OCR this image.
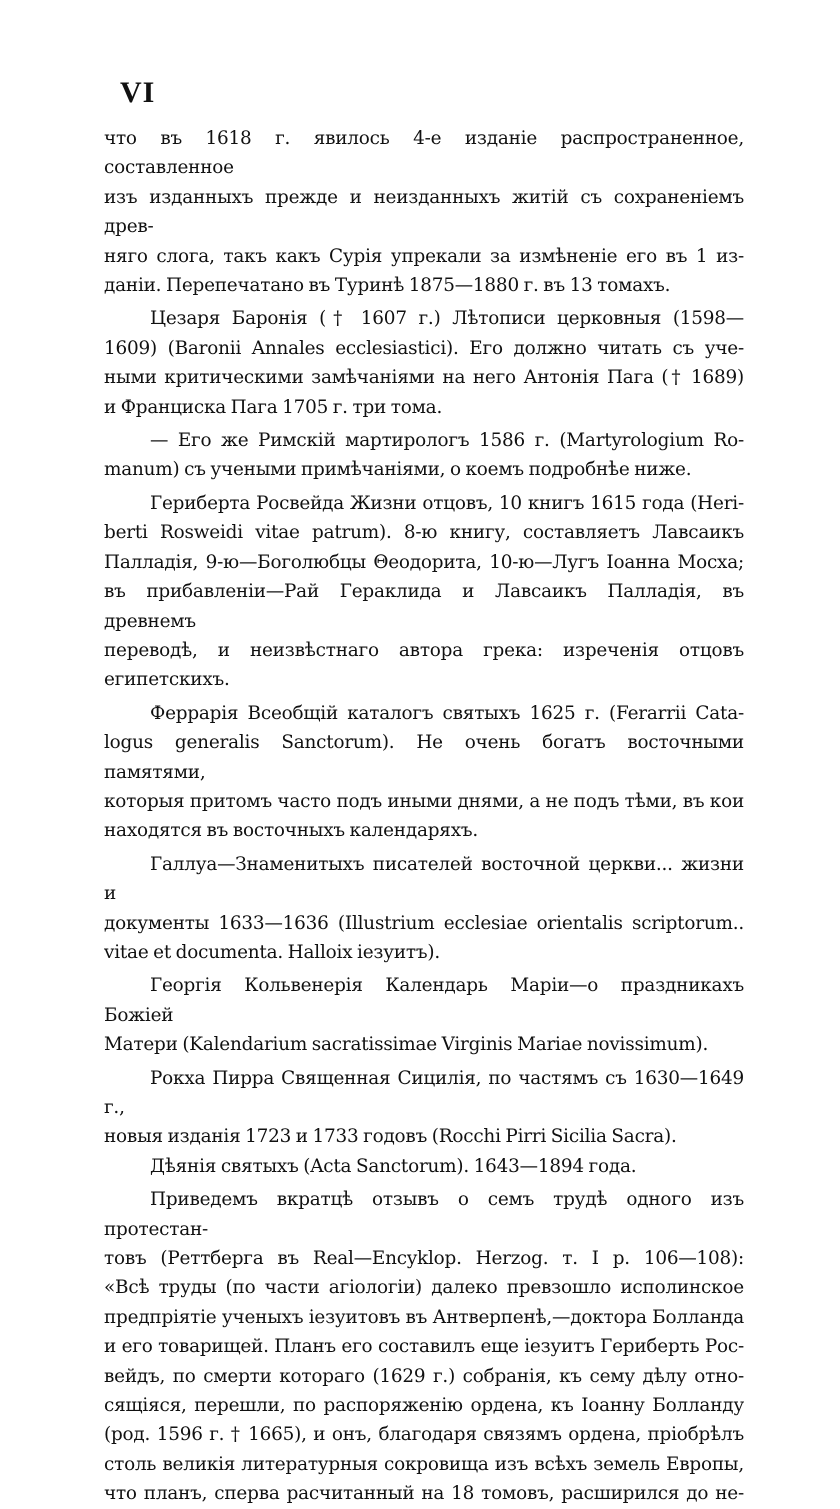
VI

что въ 1618 г. явилось 4-е изданіе распространенное, составленное
изъ изданныхъ прежде и неизданныхъ житій съ сохраненіемъ древ-
няго слога, такъ какъ Сурія упрекали за измѣненіе его въ 1 из-
даніи. Перепечатано въ Туринѣ 1875—1880 г. въ 13 томахъ.

Цезаря Баронія († 1607 г.) Лѣтописи церковныя (1598—
1609) (Baronii Annales ecclesiastici). Его должно читать съ уче-
ными критическими замѣчаніями на него Антонія Пага († 1689)
и Франциска Пага 1705 г. три тома.

— Его же Римскій мартирологъ 1586 г. (Martyrologium Ro-
manum) съ учеными примѣчаніями, о коемъ подробнѣе ниже.

Гериберта Росвейда Жизни отцовъ, 10 книгъ 1615 года (Heri-
berti Rosweidi vitae patrum). 8-ю книгу, составляетъ Лавсаикъ
Палладія, 9-ю—Боголюбцы Θеодорита, 10-ю—Лугъ Іоанна Мосха;
въ прибавленіи—Рай Гераклида и Лавсаикъ Палладія, въ древнемъ
переводѣ, и неизвѣстнаго автора грека: изреченія отцовъ египетскихъ.

Феррарія Всеобщій каталогъ святыхъ 1625 г. (Ferarrii Cata-
logus generalis Sanctorum). Не очень богатъ восточными памятями,
которыя притомъ часто подъ иными днями, а не подъ тѣми, въ кои
находятся въ восточныхъ календаряхъ.

Галлуа—Знаменитыхъ писателей восточной церкви... жизни и
документы 1633—1636 (Illustrium ecclesiae orientalis scriptorum..
vitae et documenta. Halloix iезуитъ).

Георгія Кольвенерія Календарь Маріи—о праздникахъ Божіей
Матери (Kalendarium sacratissimae Virginis Mariae novissimum).

Рокха Пирра Священная Сицилія, по частямъ съ 1630—1649 г.,
новыя изданія 1723 и 1733 годовъ (Rocchi Pirri Sicilia Sacra).

Дѣянія святыхъ (Acta Sanctorum). 1643—1894 года.

Приведемъ вкратцѣ отзывъ о семъ трудѣ одного изъ протестан-
товъ (Реттберга въ Real—Encyklop. Herzog. т. I p. 106—108):
«Всѣ труды (по части агіологіи) далеко превзошло исполинское
предпріятіе ученыхъ іезуитовъ въ Антверпенѣ,—доктора Болланда
и его товарищей. Планъ его составилъ еще іезуитъ Гериберть Рос-
вейдъ, по смерти котораго (1629 г.) собранія, къ сему дѣлу отно-
сящіяся, перешли, по распоряженію ордена, къ Іоанну Болланду
(род. 1596 г. † 1665), и онъ, благодаря связямъ ордена, пріобрѣлъ
столь великія литературныя сокровища изъ всѣхъ земель Европы,
что планъ, сперва расчитанный на 18 томовъ, расширился до не-
